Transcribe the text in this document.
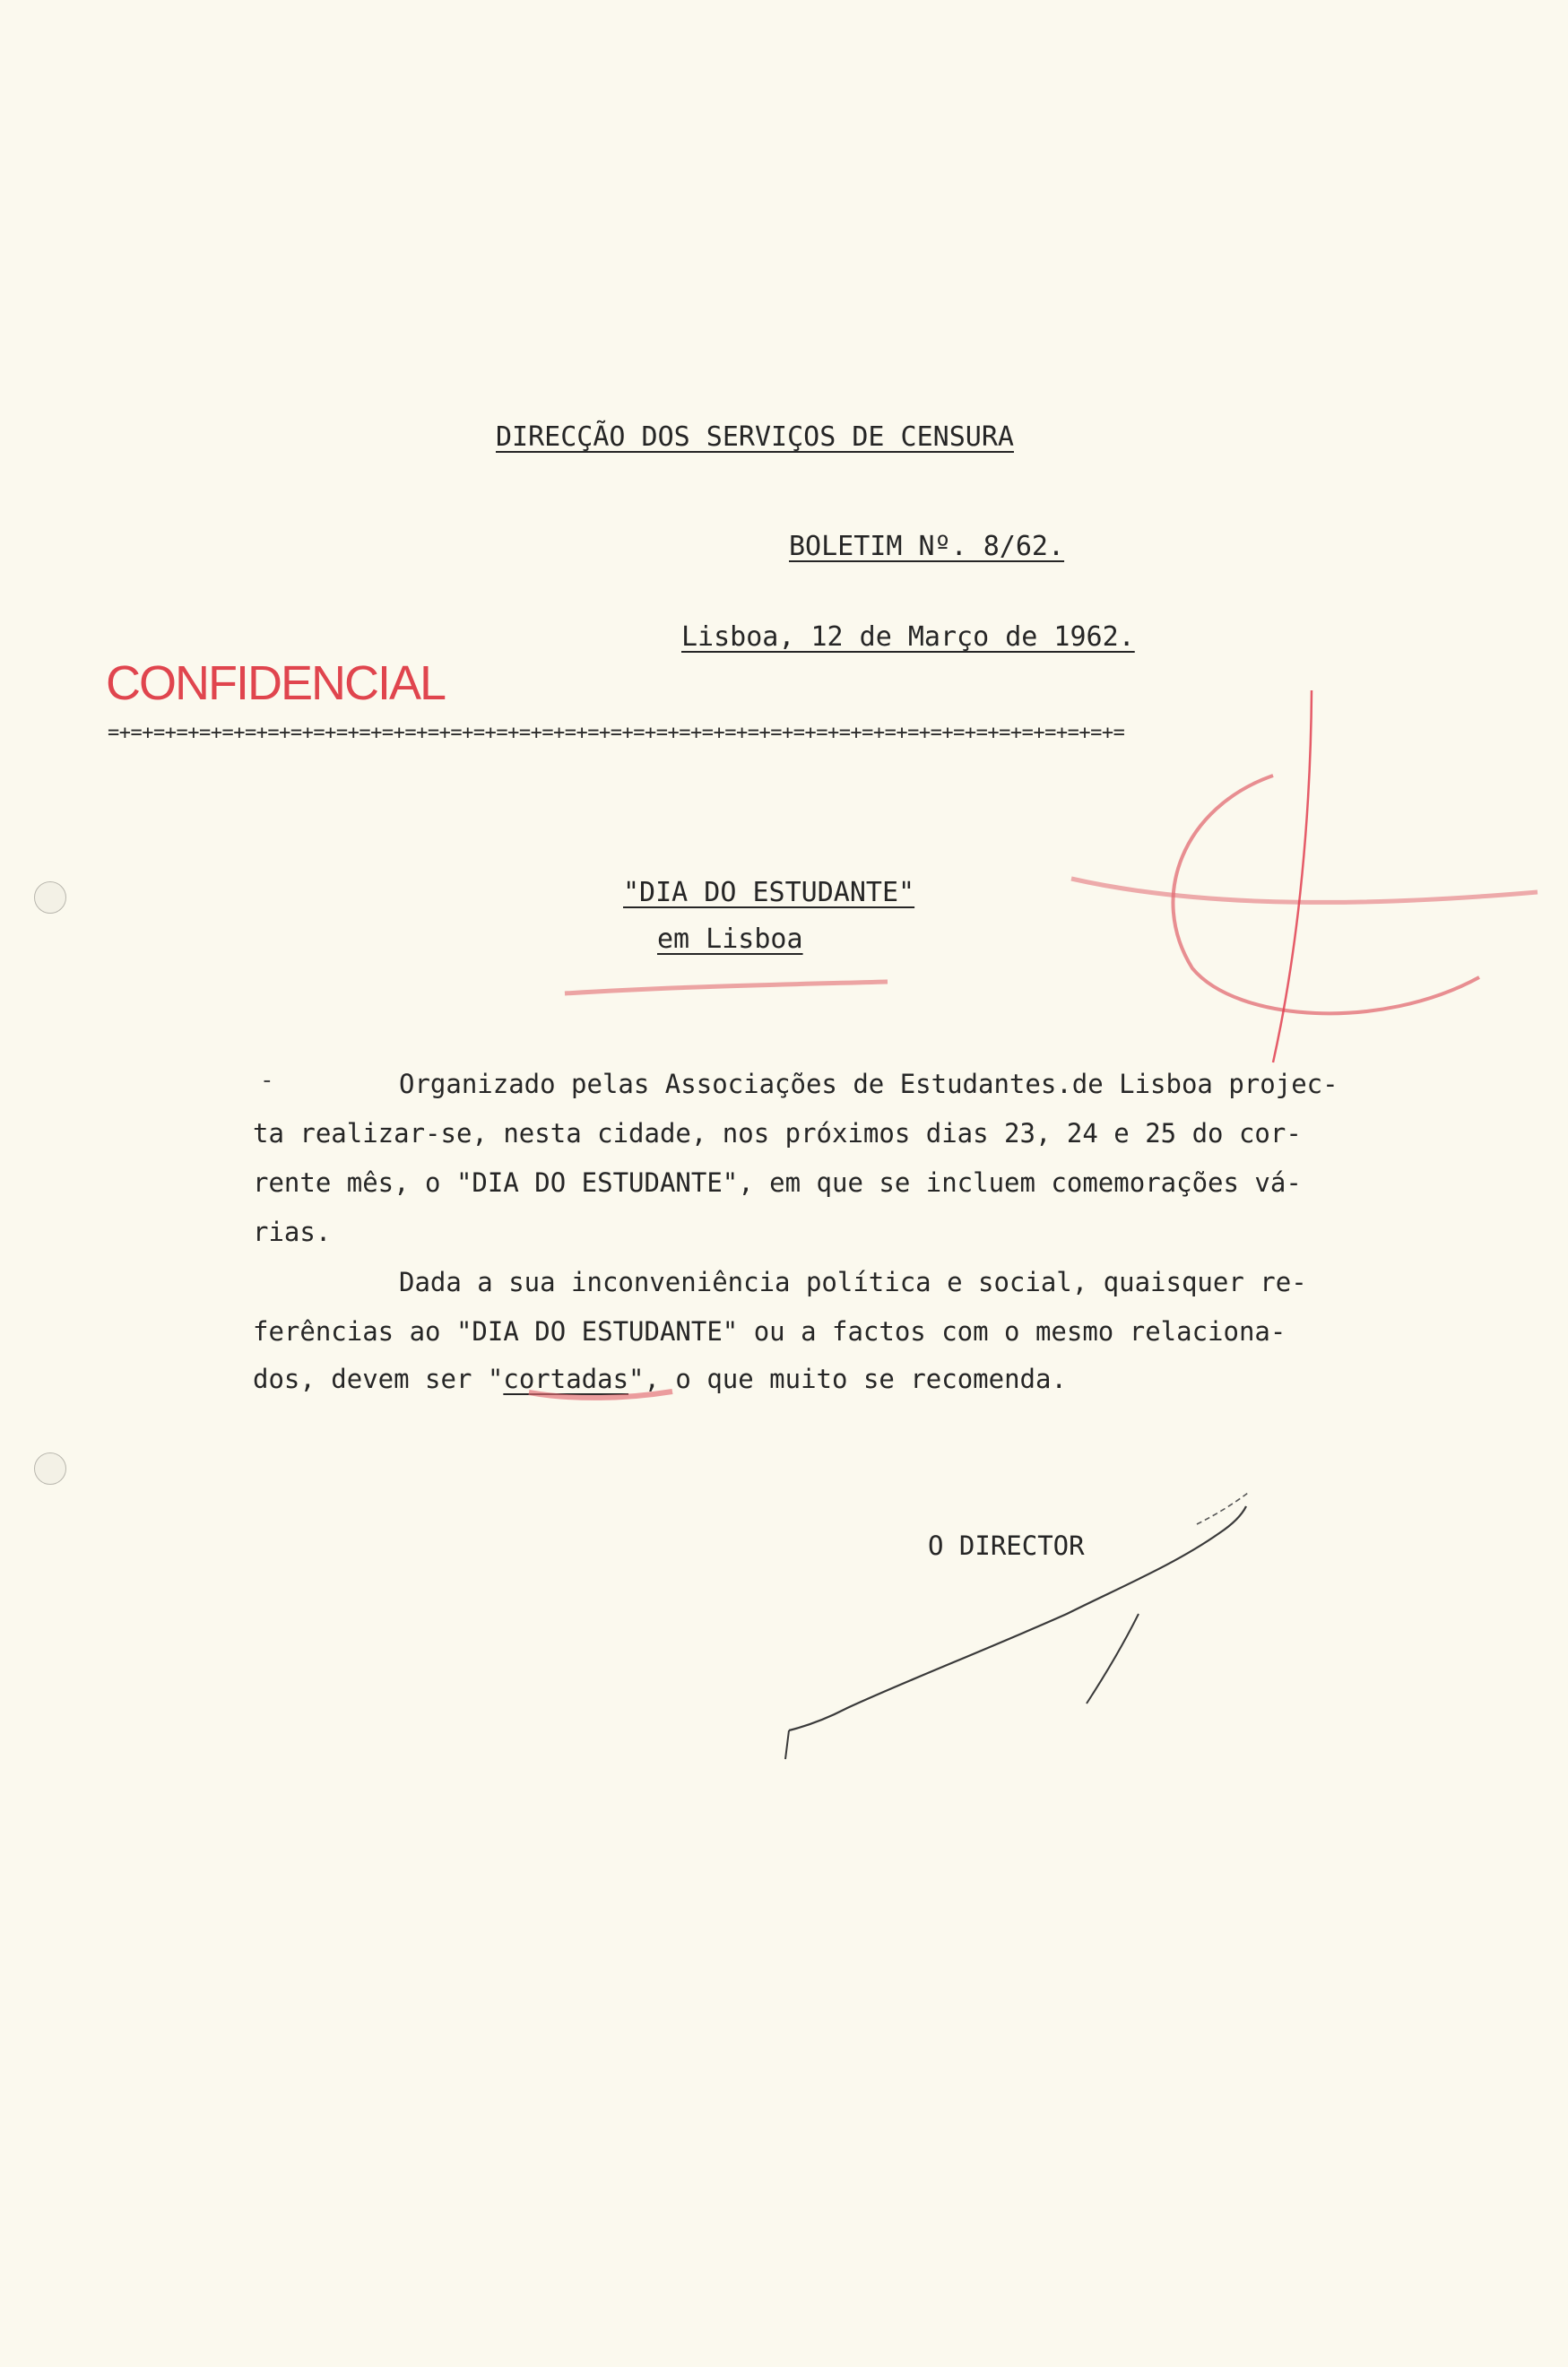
DIRECÇÃO DOS SERVIÇOS DE CENSURA
BOLETIM Nº. 8/62.
Lisboa, 12 de Março de 1962.
CONFIDENCIAL
=+=+=+=+=+=+=+=+=+=+=+=+=+=+=+=+=+=+=+=+=+=+=+=+=+=+=+=+=+=+=+=+=+=+=+=+=+=+=+=+=+=+=+=+=
"DIA DO ESTUDANTE"
em Lisboa
-	Organizado pelas Associações de Estudantes.de Lisboa projec-
ta realizar-se, nesta cidade, nos próximos dias 23, 24 e 25 do cor-
rente mês, o "DIA DO ESTUDANTE", em que se incluem comemorações vá-
rias.
Dada a sua inconveniência política e social, quaisquer re-
ferências ao "DIA DO ESTUDANTE" ou a factos com o mesmo relaciona-
dos, devem ser "cortadas", o que muito se recomenda.
O DIRECTOR
